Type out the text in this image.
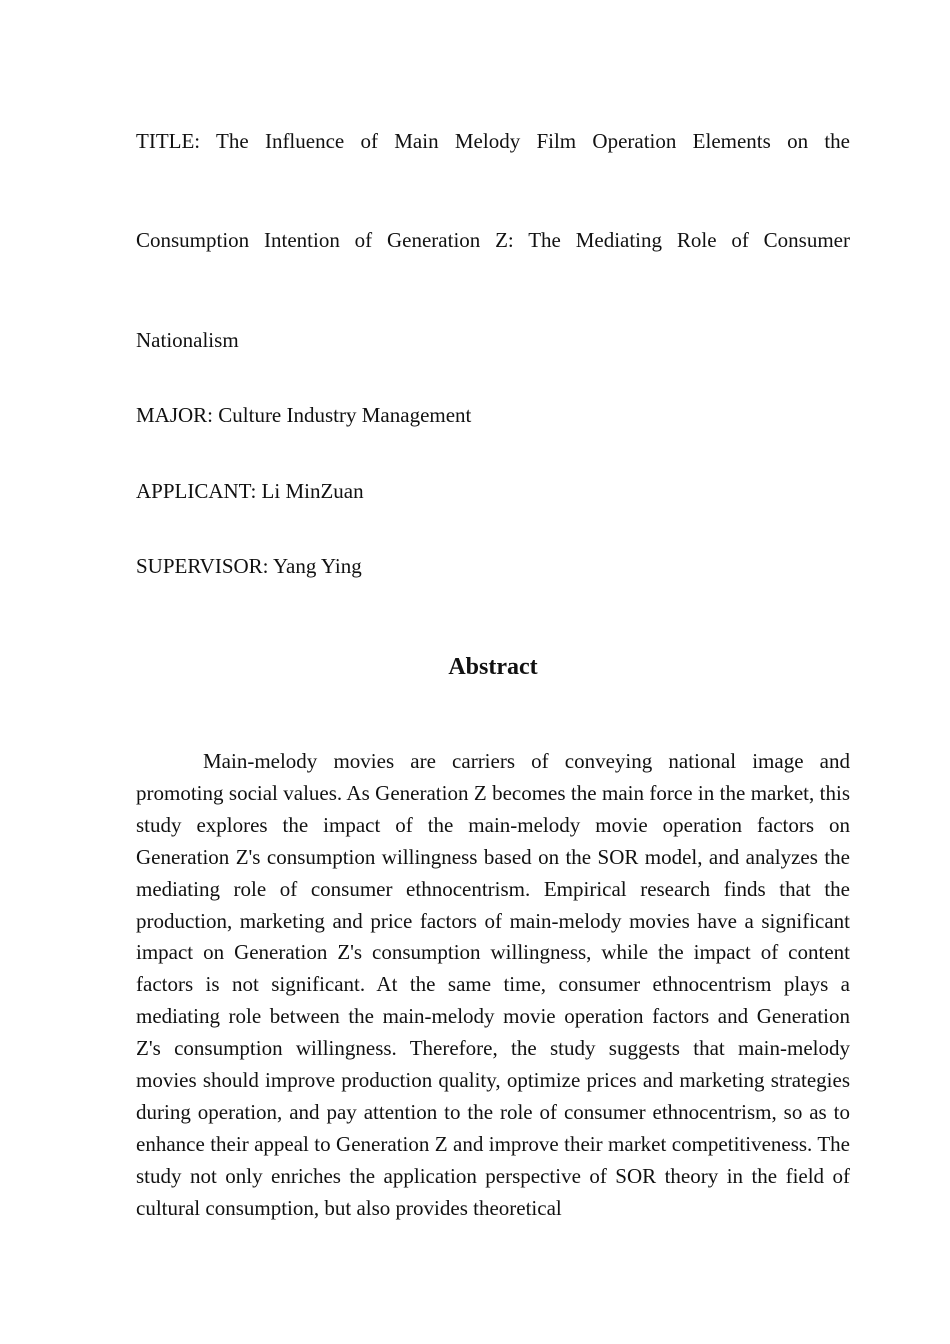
TITLE: The Influence of Main Melody Film Operation Elements on the
Consumption Intention of Generation Z: The Mediating Role of Consumer
Nationalism
MAJOR: Culture Industry Management
APPLICANT: Li MinZuan
SUPERVISOR: Yang Ying
Abstract
Main-melody movies are carriers of conveying national image and promoting social values. As Generation Z becomes the main force in the market, this study explores the impact of the main-melody movie operation factors on Generation Z's consumption willingness based on the SOR model, and analyzes the mediating role of consumer ethnocentrism. Empirical research finds that the production, marketing and price factors of main-melody movies have a significant impact on Generation Z's consumption willingness, while the impact of content factors is not significant. At the same time, consumer ethnocentrism plays a mediating role between the main-melody movie operation factors and Generation Z's consumption willingness. Therefore, the study suggests that main-melody movies should improve production quality, optimize prices and marketing strategies during operation, and pay attention to the role of consumer ethnocentrism, so as to enhance their appeal to Generation Z and improve their market competitiveness. The study not only enriches the application perspective of SOR theory in the field of cultural consumption, but also provides theoretical
